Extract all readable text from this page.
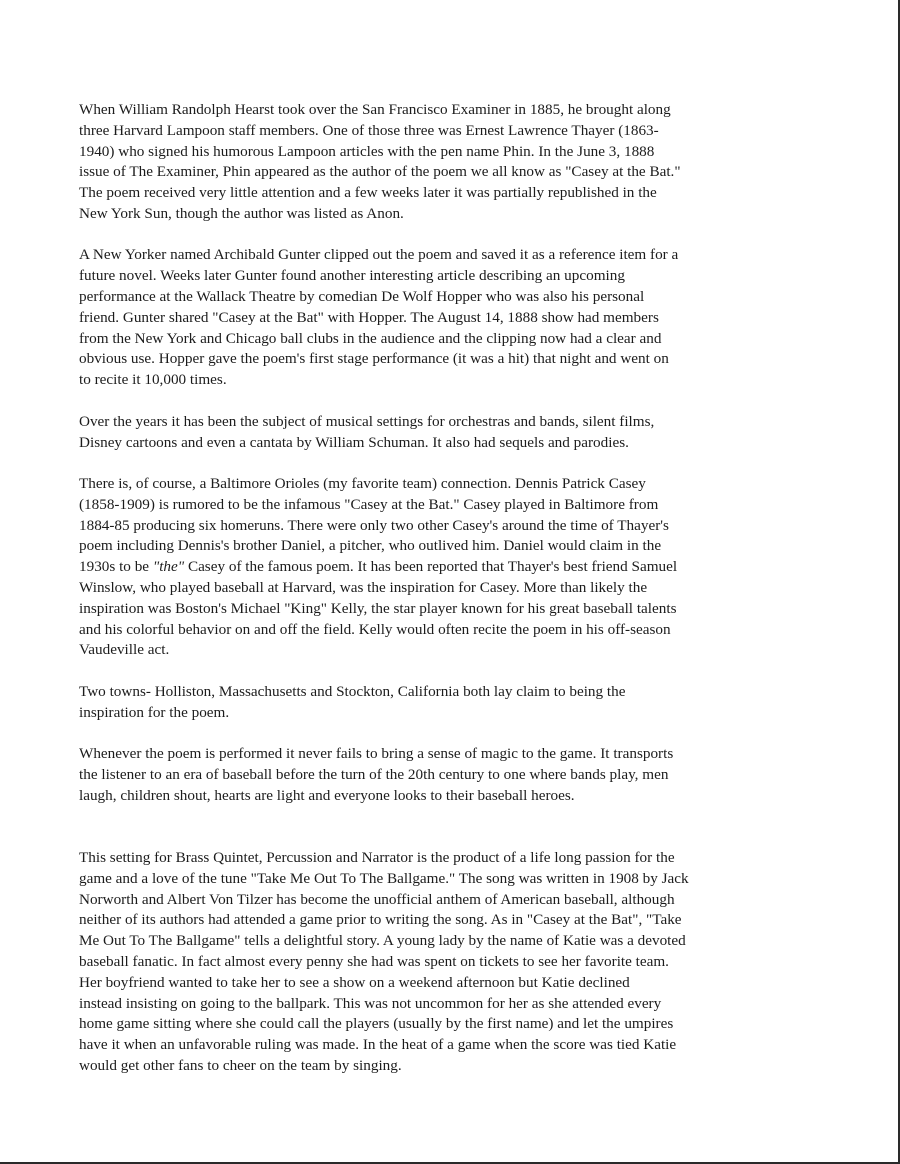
When William Randolph Hearst took over the San Francisco Examiner in 1885, he brought along
three Harvard Lampoon staff members. One of those three was Ernest Lawrence Thayer (1863-
1940) who signed his humorous Lampoon articles with the pen name Phin. In the June 3, 1888
issue of The Examiner, Phin appeared as the author of the poem we all know as "Casey at the Bat."
The poem received very little attention and a few weeks later it was partially republished in the
New York Sun, though the author was listed as Anon.
A New Yorker named Archibald Gunter clipped out the poem and saved it as a reference item for a
future novel. Weeks later Gunter found another interesting article describing an upcoming
performance at the Wallack Theatre by comedian De Wolf Hopper who was also his personal
friend. Gunter shared "Casey at the Bat" with Hopper. The August 14, 1888 show had members
from the New York and Chicago ball clubs in the audience and the clipping now had a clear and
obvious use. Hopper gave the poem's first stage performance (it was a hit) that night and went on
to recite it 10,000 times.
Over the years it has been the subject of musical settings for orchestras and bands, silent films,
Disney cartoons and even a cantata by William Schuman. It also had sequels and parodies.
There is, of course, a Baltimore Orioles (my favorite team) connection. Dennis Patrick Casey
(1858-1909) is rumored to be the infamous "Casey at the Bat." Casey played in Baltimore from
1884-85 producing six homeruns. There were only two other Casey's around the time of Thayer's
poem including Dennis's brother Daniel, a pitcher, who outlived him. Daniel would claim in the
1930s to be "the" Casey of the famous poem. It has been reported that Thayer's best friend Samuel
Winslow, who played baseball at Harvard, was the inspiration for Casey. More than likely the
inspiration was Boston's Michael "King" Kelly, the star player known for his great baseball talents
and his colorful behavior on and off the field. Kelly would often recite the poem in his off-season
Vaudeville act.
Two towns- Holliston, Massachusetts and Stockton, California both lay claim to being the
inspiration for the poem.
Whenever the poem is performed it never fails to bring a sense of magic to the game. It transports
the listener to an era of baseball before the turn of the 20th century to one where bands play, men
laugh, children shout, hearts are light and everyone looks to their baseball heroes.
This setting for Brass Quintet, Percussion and Narrator is the product of a life long passion for the
game and a love of the tune "Take Me Out To The Ballgame." The song was written in 1908 by Jack
Norworth and Albert Von Tilzer has become the unofficial anthem of American baseball, although
neither of its authors had attended a game prior to writing the song. As in "Casey at the Bat", "Take
Me Out To The Ballgame" tells a delightful story. A young lady by the name of Katie was a devoted
baseball fanatic. In fact almost every penny she had was spent on tickets to see her favorite team.
Her boyfriend wanted to take her to see a show on a weekend afternoon but Katie declined
instead insisting on going to the ballpark. This was not uncommon for her as she attended every
home game sitting where she could call the players (usually by the first name) and let the umpires
have it when an unfavorable ruling was made. In the heat of a game when the score was tied Katie
would get other fans to cheer on the team by singing.
